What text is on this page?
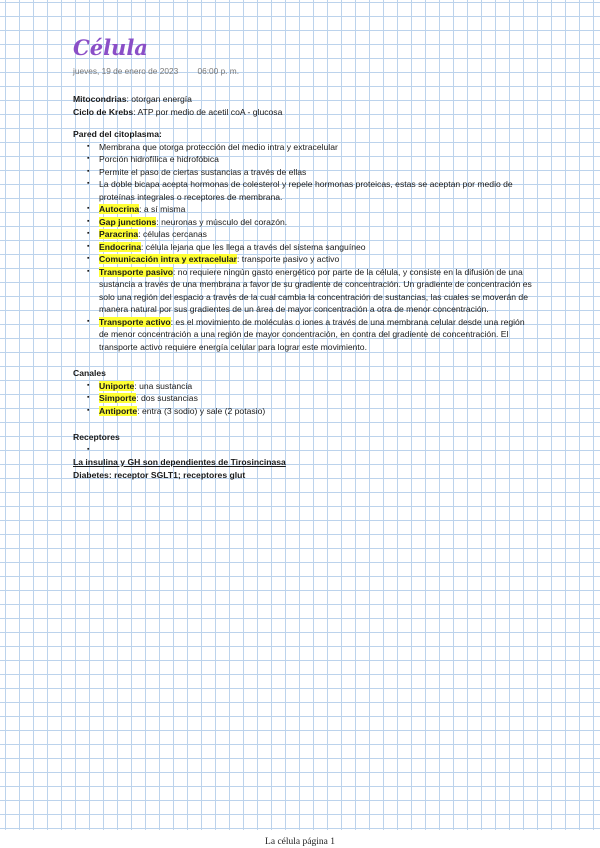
Célula
jueves, 19 de enero de 2023 06:00 p. m.
Mitocondrias: otorgan energía
Ciclo de Krebs: ATP por medio de acetil coA - glucosa
Pared del citoplasma:
▪ Membrana que otorga protección del medio intra y extracelular
▪ Porción hidrofílica e hidrofóbica
▪ Permite el paso de ciertas sustancias a través de ellas
▪ La doble bicapa acepta hormonas de colesterol y repele hormonas proteicas, estas se aceptan por medio de proteínas integrales o receptores de membrana.
▪ Autocrina: a sí misma
▪ Gap junctions: neuronas y músculo del corazón.
▪ Paracrina: células cercanas
▪ Endocrina: célula lejana que les llega a través del sistema sanguíneo
▪ Comunicación intra y extracelular: transporte pasivo y activo
▪ Transporte pasivo: no requiere ningún gasto energético por parte de la célula, y consiste en la difusión de una sustancia a través de una membrana a favor de su gradiente de concentración. Un gradiente de concentración es solo una región del espacio a través de la cual cambia la concentración de sustancias, las cuales se moverán de manera natural por sus gradientes de un área de mayor concentración a otra de menor concentración.
▪ Transporte activo: es el movimiento de moléculas o iones a través de una membrana celular desde una región de menor concentración a una región de mayor concentración, en contra del gradiente de concentración. El transporte activo requiere energía celular para lograr este movimiento.
Canales
▪ Uniporte: una sustancia
▪ Simporte: dos sustancias
▪ Antiporte: entra (3 sodio) y sale (2 potasio)
Receptores
▪
La insulina y GH son dependientes de Tirosincinasa
Diabetes: receptor SGLT1; receptores glut
La célula página 1
